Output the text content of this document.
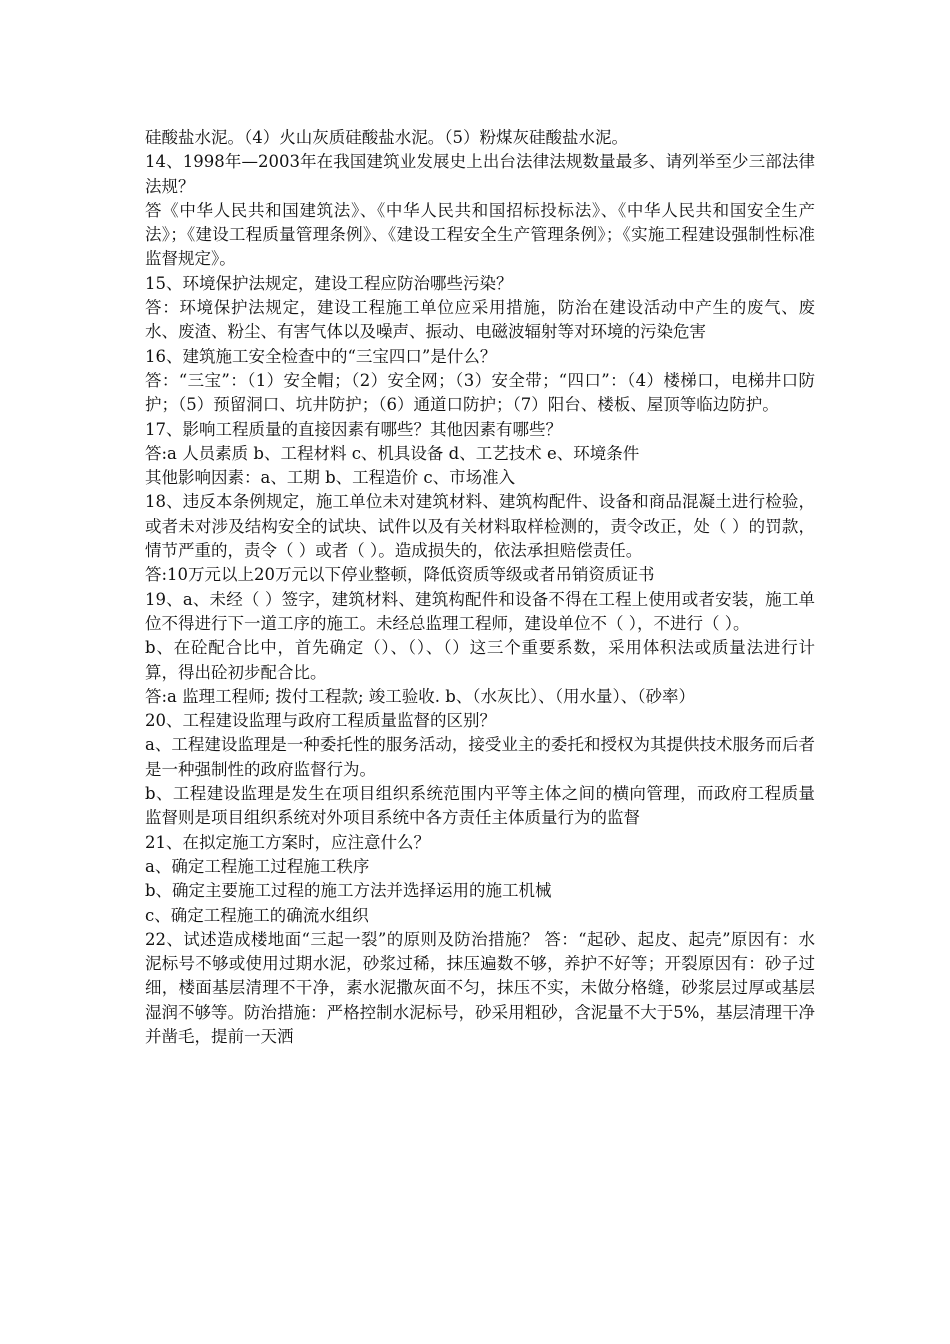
硅酸盐水泥。（4）火山灰质硅酸盐水泥。（5）粉煤灰硅酸盐水泥。

14、1998年—2003年在我国建筑业发展史上出台法律法规数量最多、请列举至少三部法律法规？

答《中华人民共和国建筑法》、《中华人民共和国招标投标法》、《中华人民共和国安全生产法》；《建设工程质量管理条例》、《建设工程安全生产管理条例》；《实施工程建设强制性标准监督规定》。

15、环境保护法规定，建设工程应防治哪些污染？

答：环境保护法规定，建设工程施工单位应采用措施，防治在建设活动中产生的废气、废水、废渣、粉尘、有害气体以及噪声、振动、电磁波辐射等对环境的污染危害

16、建筑施工安全检查中的“三宝四口”是什么？

答：“三宝”：（1）安全帽；（2）安全网；（3）安全带；“四口”：（4）楼梯口，电梯井口防护；（5）预留洞口、坑井防护；（6）通道口防护；（7）阳台、楼板、屋顶等临边防护。

17、影响工程质量的直接因素有哪些？其他因素有哪些？

答:a 人员素质 b、工程材料 c、机具设备 d、工艺技术 e、环境条件

其他影响因素：a、工期 b、工程造价 c、市场准入

18、违反本条例规定，施工单位未对建筑材料、建筑构配件、设备和商品混凝土进行检验，或者未对涉及结构安全的试块、试件以及有关材料取样检测的，责令改正，处（ ）的罚款，情节严重的，责令（ ）或者（ ）。造成损失的，依法承担赔偿责任。

答:10万元以上20万元以下停业整顿，降低资质等级或者吊销资质证书

19、a、未经（ ）签字，建筑材料、建筑构配件和设备不得在工程上使用或者安装，施工单位不得进行下一道工序的施工。未经总监理工程师，建设单位不（ ），不进行（ ）。

b、在砼配合比中，首先确定（）、（）、（）这三个重要系数，采用体积法或质量法进行计算，得出砼初步配合比。

答:a 监理工程师; 拨付工程款; 竣工验收. b、（水灰比）、（用水量）、（砂率）

20、工程建设监理与政府工程质量监督的区别？

a、工程建设监理是一种委托性的服务活动，接受业主的委托和授权为其提供技术服务而后者是一种强制性的政府监督行为。

b、工程建设监理是发生在项目组织系统范围内平等主体之间的横向管理，而政府工程质量监督则是项目组织系统对外项目系统中各方责任主体质量行为的监督

21、在拟定施工方案时，应注意什么？

a、确定工程施工过程施工秩序

b、确定主要施工过程的施工方法并选择运用的施工机械

c、确定工程施工的确流水组织

22、试述造成楼地面“三起一裂”的原则及防治措施？ 答：“起砂、起皮、起壳”原因有：水泥标号不够或使用过期水泥，砂浆过稀，抹压遍数不够，养护不好等；开裂原因有：砂子过细，楼面基层清理不干净，素水泥撒灰面不匀，抹压不实，未做分格缝，砂浆层过厚或基层湿润不够等。防治措施：严格控制水泥标号，砂采用粗砂，含泥量不大于5%，基层清理干净并凿毛，提前一天洒
